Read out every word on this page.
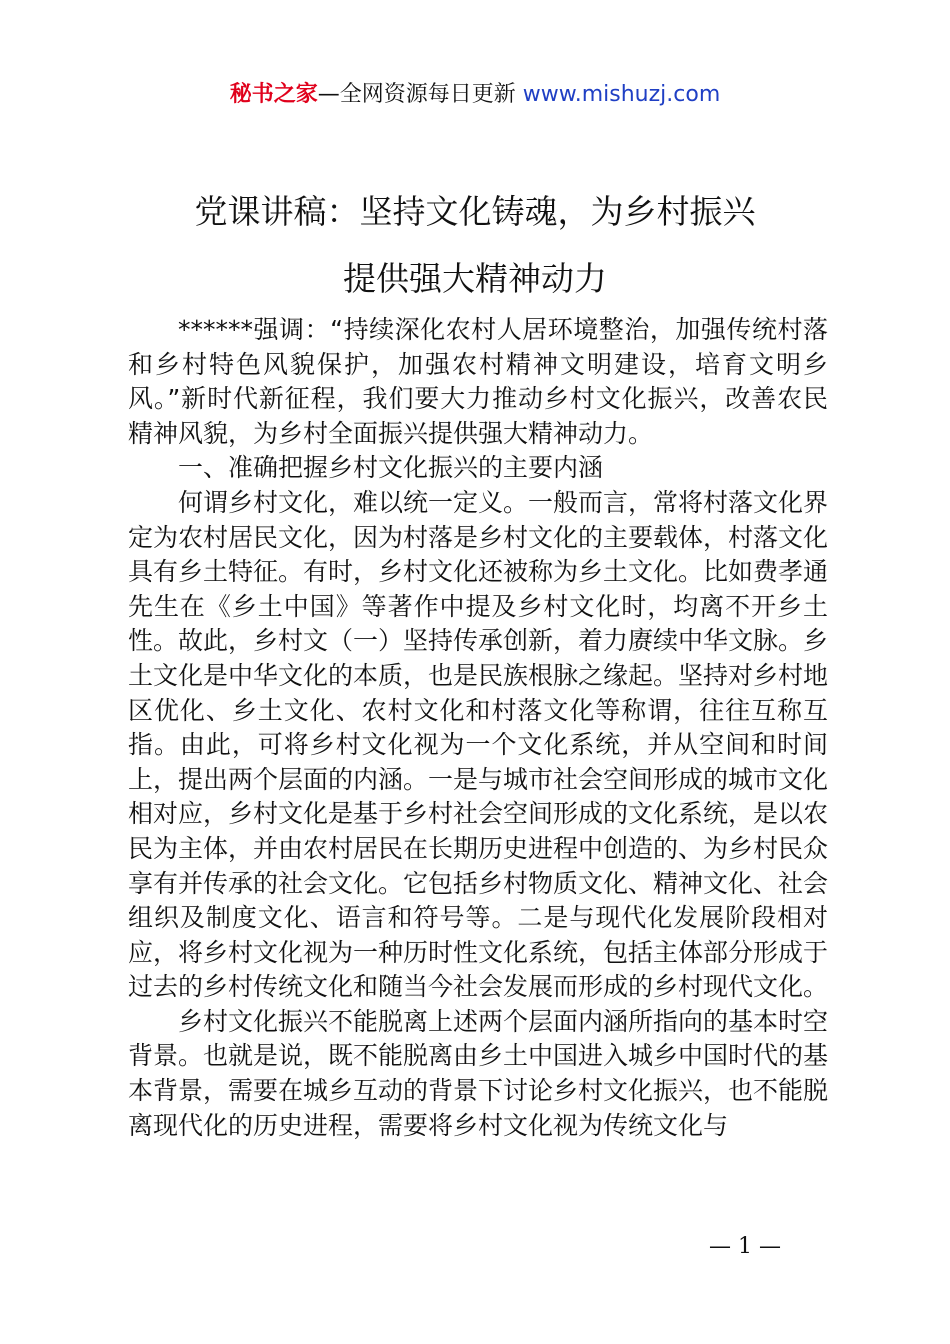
秘书之家—全网资源每日更新 www.mishuzj.com
党课讲稿：坚持文化铸魂，为乡村振兴
提供强大精神动力

******强调：“持续深化农村人居环境整治，加强传统村落和乡村特色风貌保护，加强农村精神文明建设，培育文明乡风。”新时代新征程，我们要大力推动乡村文化振兴，改善农民精神风貌，为乡村全面振兴提供强大精神动力。

一、准确把握乡村文化振兴的主要内涵

何谓乡村文化，难以统一定义。一般而言，常将村落文化界定为农村居民文化，因为村落是乡村文化的主要载体，村落文化具有乡土特征。有时，乡村文化还被称为乡土文化。比如费孝通先生在《乡土中国》等著作中提及乡村文化时，均离不开乡土性。故此，乡村文（一）坚持传承创新，着力赓续中华文脉。乡土文化是中华文化的本质，也是民族根脉之缘起。坚持对乡村地区优化、乡土文化、农村文化和村落文化等称谓，往往互称互指。由此，可将乡村文化视为一个文化系统，并从空间和时间上，提出两个层面的内涵。一是与城市社会空间形成的城市文化相对应，乡村文化是基于乡村社会空间形成的文化系统，是以农民为主体，并由农村居民在长期历史进程中创造的、为乡村民众享有并传承的社会文化。它包括乡村物质文化、精神文化、社会组织及制度文化、语言和符号等。二是与现代化发展阶段相对应，将乡村文化视为一种历时性文化系统，包括主体部分形成于过去的乡村传统文化和随当今社会发展而形成的乡村现代文化。

乡村文化振兴不能脱离上述两个层面内涵所指向的基本时空背景。也就是说，既不能脱离由乡土中国进入城乡中国时代的基本背景，需要在城乡互动的背景下讨论乡村文化振兴，也不能脱离现代化的历史进程，需要将乡村文化视为传统文化与

— 1 —
